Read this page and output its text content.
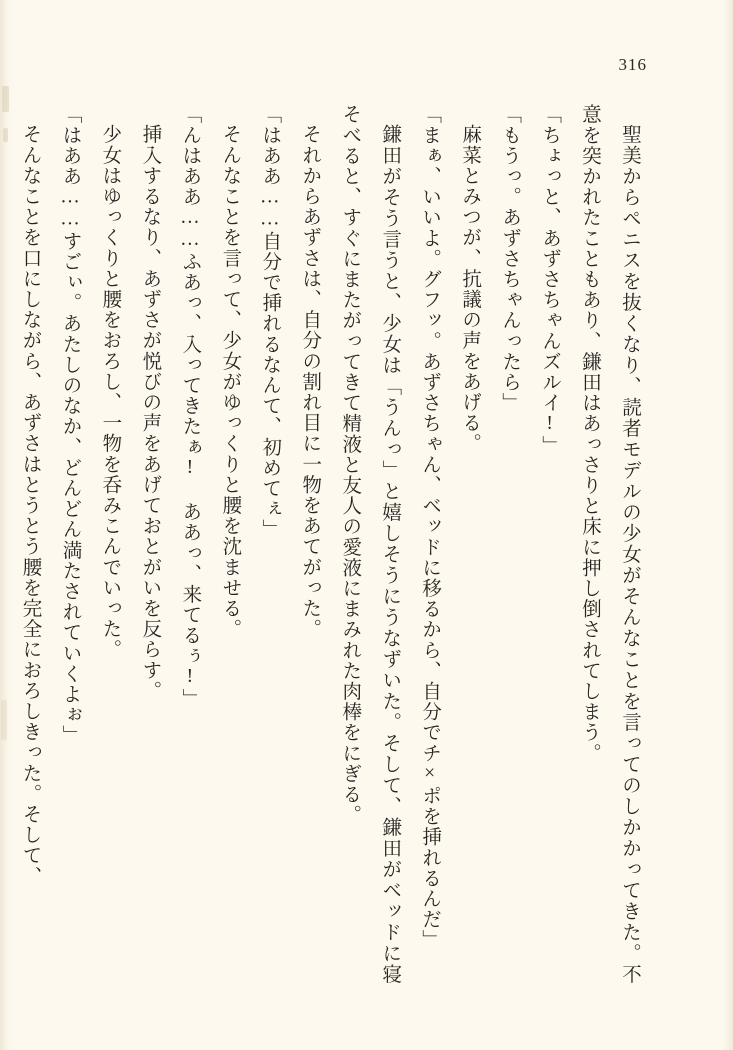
316

聖美からペニスを抜くなり、読者モデルの少女がそんなことを言ってのしかかってきた。不意を突かれたこともあり、鎌田はあっさりと床に押し倒されてしまう。

「ちょっと、あずさちゃんズルイ!」

「もうっ。あずさちゃんったら」

麻菜とみつが、抗議の声をあげる。

「まぁ、いいよ。グフッ。あずさちゃん、ベッドに移るから、自分でチ×ポを挿れるんだ」

鎌田がそう言うと、少女は「うんっ」と嬉しそうにうなずいた。そして、鎌田がベッドに寝そべると、すぐにまたがってきて精液と友人の愛液にまみれた肉棒をにぎる。

それからあずさは、自分の割れ目に一物をあてがった。

「はああ……自分で挿れるなんて、初めてぇ」

そんなことを言って、少女がゆっくりと腰を沈ませる。

「んはああ……ふあっ、入ってきたぁ! ああっ、来てるぅ!」

挿入するなり、あずさが悦びの声をあげておとがいを反らす。

少女はゆっくりと腰をおろし、一物を呑みこんでいった。

「はああ……すごぃ。あたしのなか、どんどん満たされていくよぉ」

そんなことを口にしながら、あずさはとうとう腰を完全におろしきった。そして、
